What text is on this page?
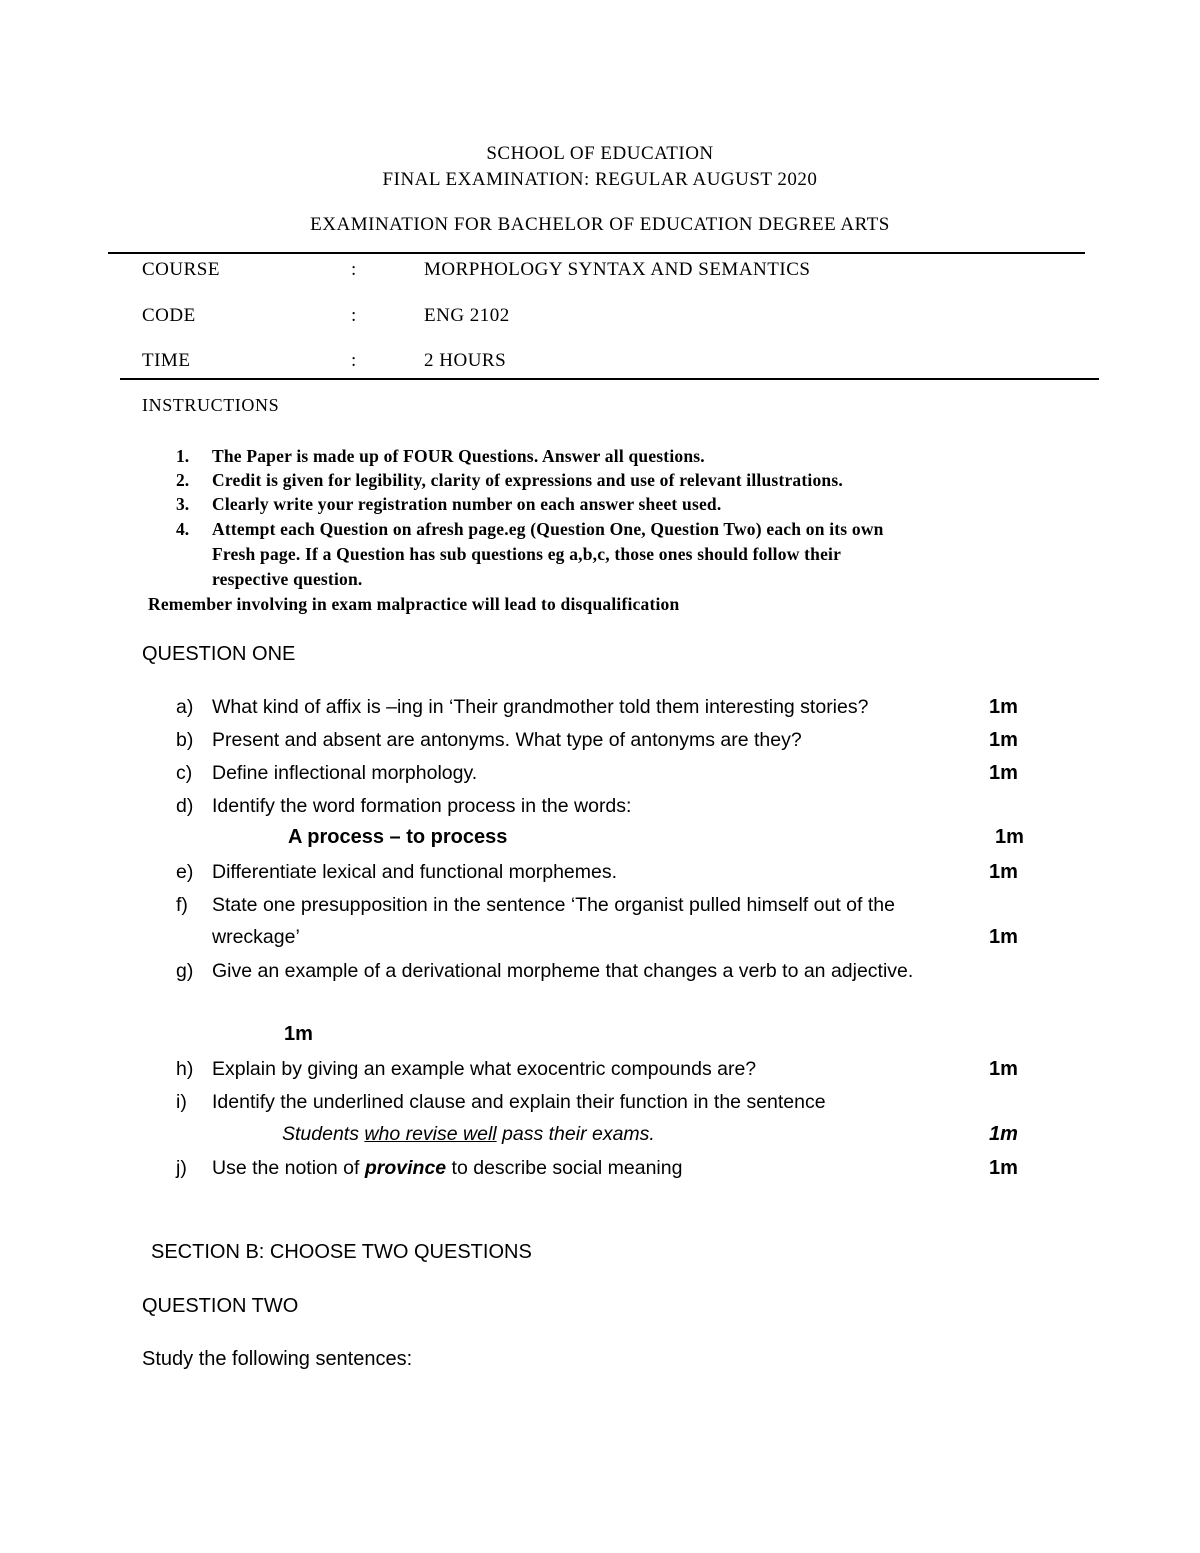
SCHOOL OF EDUCATION
FINAL EXAMINATION: REGULAR AUGUST 2020
EXAMINATION FOR BACHELOR OF EDUCATION DEGREE ARTS
COURSE	:	MORPHOLOGY SYNTAX AND SEMANTICS
CODE	:	ENG 2102
TIME	:	2 HOURS
INSTRUCTIONS
1. The Paper is made up of FOUR Questions. Answer all questions.
2. Credit is given for legibility, clarity of expressions and use of relevant illustrations.
3. Clearly write your registration number on each answer sheet used.
4. Attempt each Question on afresh page.eg (Question One, Question Two) each on its own
Fresh page. If a Question has sub questions eg a,b,c, those ones should follow their
respective question.
Remember involving in exam malpractice will lead to disqualification
QUESTION ONE
a) What kind of affix is –ing in ‘Their grandmother told them interesting stories?	1m
b) Present and absent are antonyms. What type of antonyms are they?	1m
c) Define inflectional morphology.	1m
d) Identify the word formation process in the words:
A process – to process	1m
e) Differentiate lexical and functional morphemes.	1m
f) State one presupposition in the sentence ‘The organist pulled himself out of the
wreckage’	1m
g) Give an example of a derivational morpheme that changes a verb to an adjective.
1m
h) Explain by giving an example what exocentric compounds are?	1m
i) Identify the underlined clause and explain their function in the sentence
Students who revise well pass their exams.	1m
j) Use the notion of province to describe social meaning	1m
SECTION B: CHOOSE TWO QUESTIONS
QUESTION TWO
Study the following sentences:
